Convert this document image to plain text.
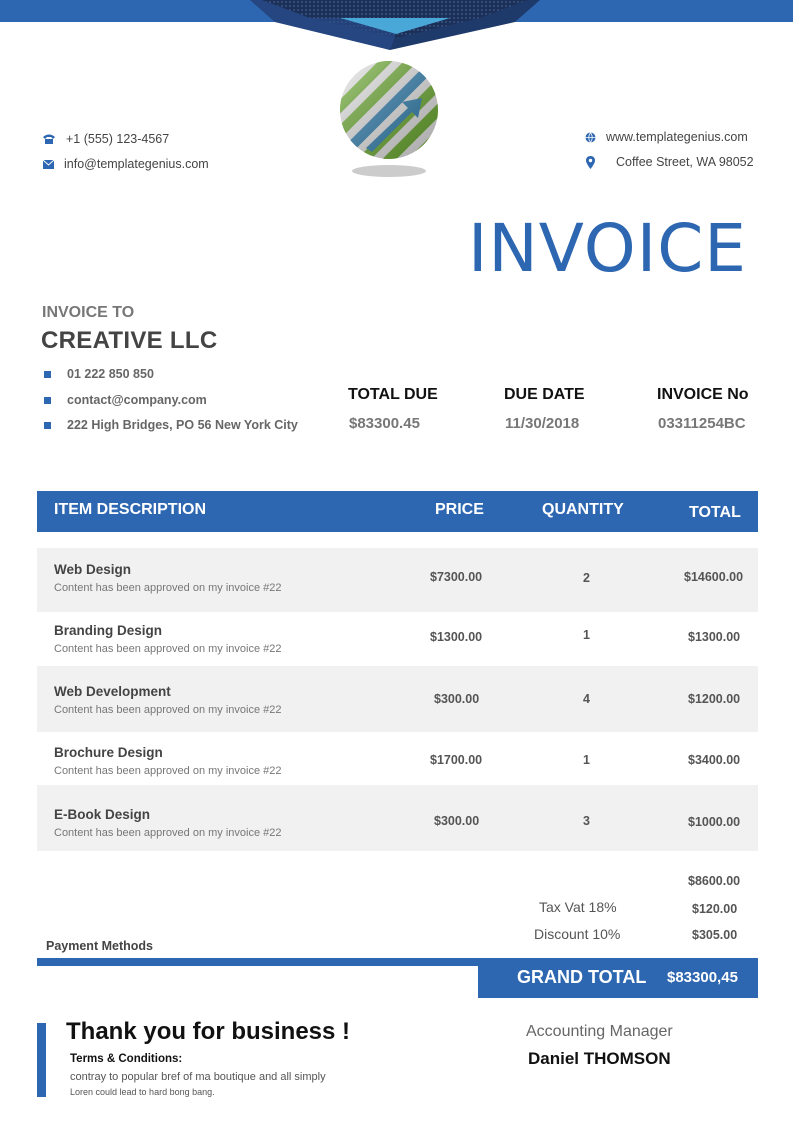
+1 (555) 123-4567
info@templategenius.com
www.templategenius.com
Coffee Street, WA 98052
INVOICE
INVOICE TO
CREATIVE LLC
01 222 850 850
contact@company.com
222 High Bridges, PO 56 New York City
TOTAL DUE
$83300.45
DUE DATE
11/30/2018
INVOICE No
03311254BC
ITEM DESCRIPTION	PRICE	QUANTITY	TOTAL
Web Design
Content has been approved on my invoice #22
$7300.00	2	$14600.00
Branding Design
Content has been approved on my invoice #22
$1300.00	1	$1300.00
Web Development
Content has been approved on my invoice #22
$300.00	4	$1200.00
Brochure Design
Content has been approved on my invoice #22
$1700.00	1	$3400.00
E-Book Design
Content has been approved on my invoice #22
$300.00	3	$1000.00
$8600.00
Tax Vat 18%	$120.00
Discount 10%	$305.00
Payment Methods
GRAND TOTAL $83300,45
Thank you for business !
Terms & Conditions:
contray to popular bref of ma boutique and all simply
Loren could lead to hard bong bang.
Accounting Manager
Daniel THOMSON
